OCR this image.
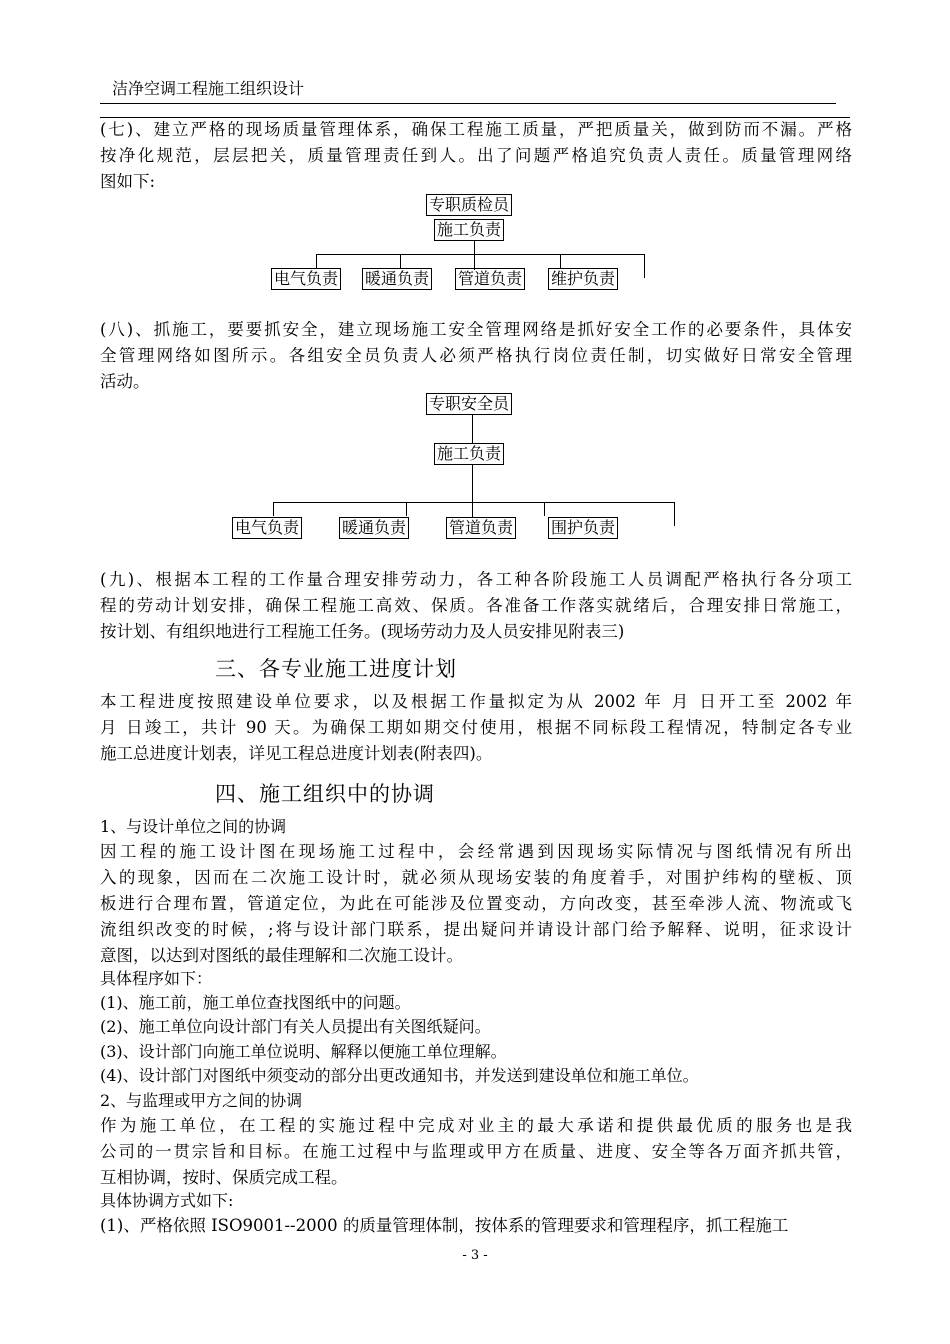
洁净空调工程施工组织设计
(七)、建立严格的现场质量管理体系，确保工程施工质量，严把质量关，做到防而不漏。严格
按净化规范，层层把关，质量管理责任到人。出了问题严格追究负责人责任。质量管理网络
图如下:
专职质检员
施工负责
电气负责 暖通负责 管道负责 维护负责
(八)、抓施工，要要抓安全，建立现场施工安全管理网络是抓好安全工作的必要条件，具体安
全管理网络如图所示。各组安全员负责人必须严格执行岗位责任制，切实做好日常安全管理
活动。
专职安全员
施工负责
电气负责	暖通负责	管道负责 围护负责
(九)、根据本工程的工作量合理安排劳动力，各工种各阶段施工人员调配严格执行各分项工
程的劳动计划安排，确保工程施工高效、保质。各准备工作落实就绪后，合理安排日常施工，
按计划、有组织地进行工程施工任务。(现场劳动力及人员安排见附表三)
三、各专业施工进度计划
本工程进度按照建设单位要求，以及根据工作量拟定为从 2002 年 月 日开工至 2002 年
月 日竣工，共计 90 天。为确保工期如期交付使用，根据不同标段工程情况，特制定各专业
施工总进度计划表，详见工程总进度计划表(附表四)。
四、施工组织中的协调
1、与设计单位之间的协调
因工程的施工设计图在现场施工过程中，会经常遇到因现场实际情况与图纸情况有所出
入的现象，因而在二次施工设计时，就必须从现场安装的角度着手，对围护纬构的壁板、顶
板进行合理布置，管道定位，为此在可能涉及位置变动，方向改变，甚至牵涉人流、物流或飞
流组织改变的时候，;将与设计部门联系，提出疑问并请设计部门给予解释、说明，征求设计
意图，以达到对图纸的最佳理解和二次施工设计。
具体程序如下：
(1)、施工前，施工单位查找图纸中的问题。
(2)、施工单位向设计部门有关人员提出有关图纸疑问。
(3)、设计部门向施工单位说明、解释以便施工单位理解。
(4)、设计部门对图纸中须变动的部分出更改通知书，并发送到建设单位和施工单位。
2、与监理或甲方之间的协调
作为施工单位，在工程的实施过程中完成对业主的最大承诺和提供最优质的服务也是我
公司的一贯宗旨和目标。在施工过程中与监理或甲方在质量、进度、安全等各万面齐抓共管，
互相协调，按时、保质完成工程。
具体协调方式如下:
(1)、严格依照 ISO9001--2000 的质量管理体制，按体系的管理要求和管理程序，抓工程施工
- 3 -
